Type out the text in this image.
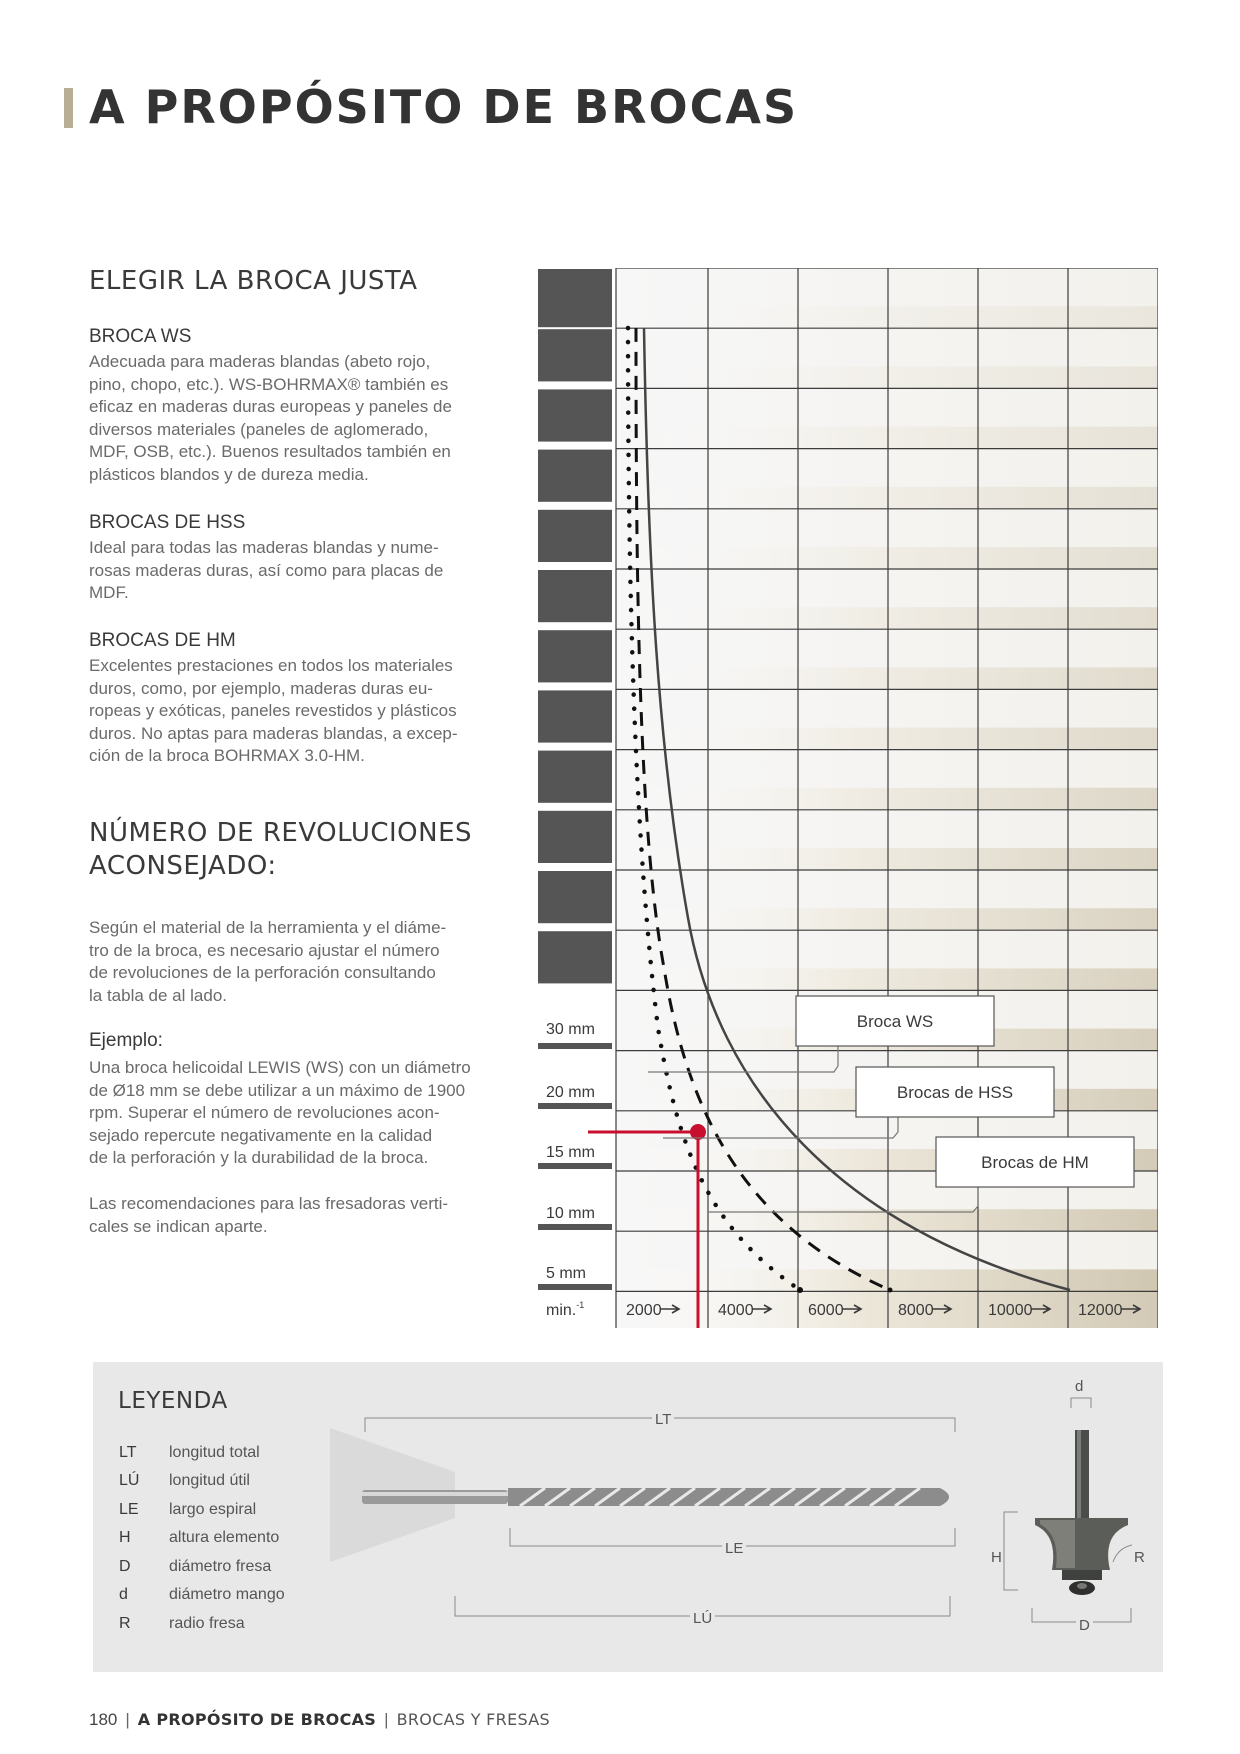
A PROPÓSITO DE BROCAS
ELEGIR LA BROCA JUSTA
BROCA WS
Adecuada para maderas blandas (abeto rojo,
pino, chopo, etc.). WS-BOHRMAX® también es
eficaz en maderas duras europeas y paneles de
diversos materiales (paneles de aglomerado,
MDF, OSB, etc.). Buenos resultados también en
plásticos blandos y de dureza media.
BROCAS DE HSS
Ideal para todas las maderas blandas y nume-
rosas maderas duras, así como para placas de
MDF.
BROCAS DE HM
Excelentes prestaciones en todos los materiales
duros, como, por ejemplo, maderas duras eu-
ropeas y exóticas, paneles revestidos y plásticos
duros. No aptas para maderas blandas, a excep-
ción de la broca BOHRMAX 3.0-HM.
NÚMERO DE REVOLUCIONES
ACONSEJADO:
Según el material de la herramienta y el diáme-
tro de la broca, es necesario ajustar el número
de revoluciones de la perforación consultando
la tabla de al lado.
Ejemplo:
Una broca helicoidal LEWIS (WS) con un diámetro
de Ø18 mm se debe utilizar a un máximo de 1900
rpm. Superar el número de revoluciones acon-
sejado repercute negativamente en la calidad
de la perforación y la durabilidad de la broca.
Las recomendaciones para las fresadoras verti-
cales se indican aparte.
5 mm
10 mm
15 mm
20 mm
30 mm
min.$^{-1}$	2000	4000	6000	8000	10000	12000
Broca WS
Brocas de HSS
Brocas de HM
LEYENDA
LT longitud total
LÚ longitud útil
LE largo espiral
H altura elemento
D diámetro fresa
d	diámetro mango
R radio fresa
LT
LE
LÚ
d
H	R
D
180 | A PROPÓSITO DE BROCAS | BROCAS Y FRESAS
